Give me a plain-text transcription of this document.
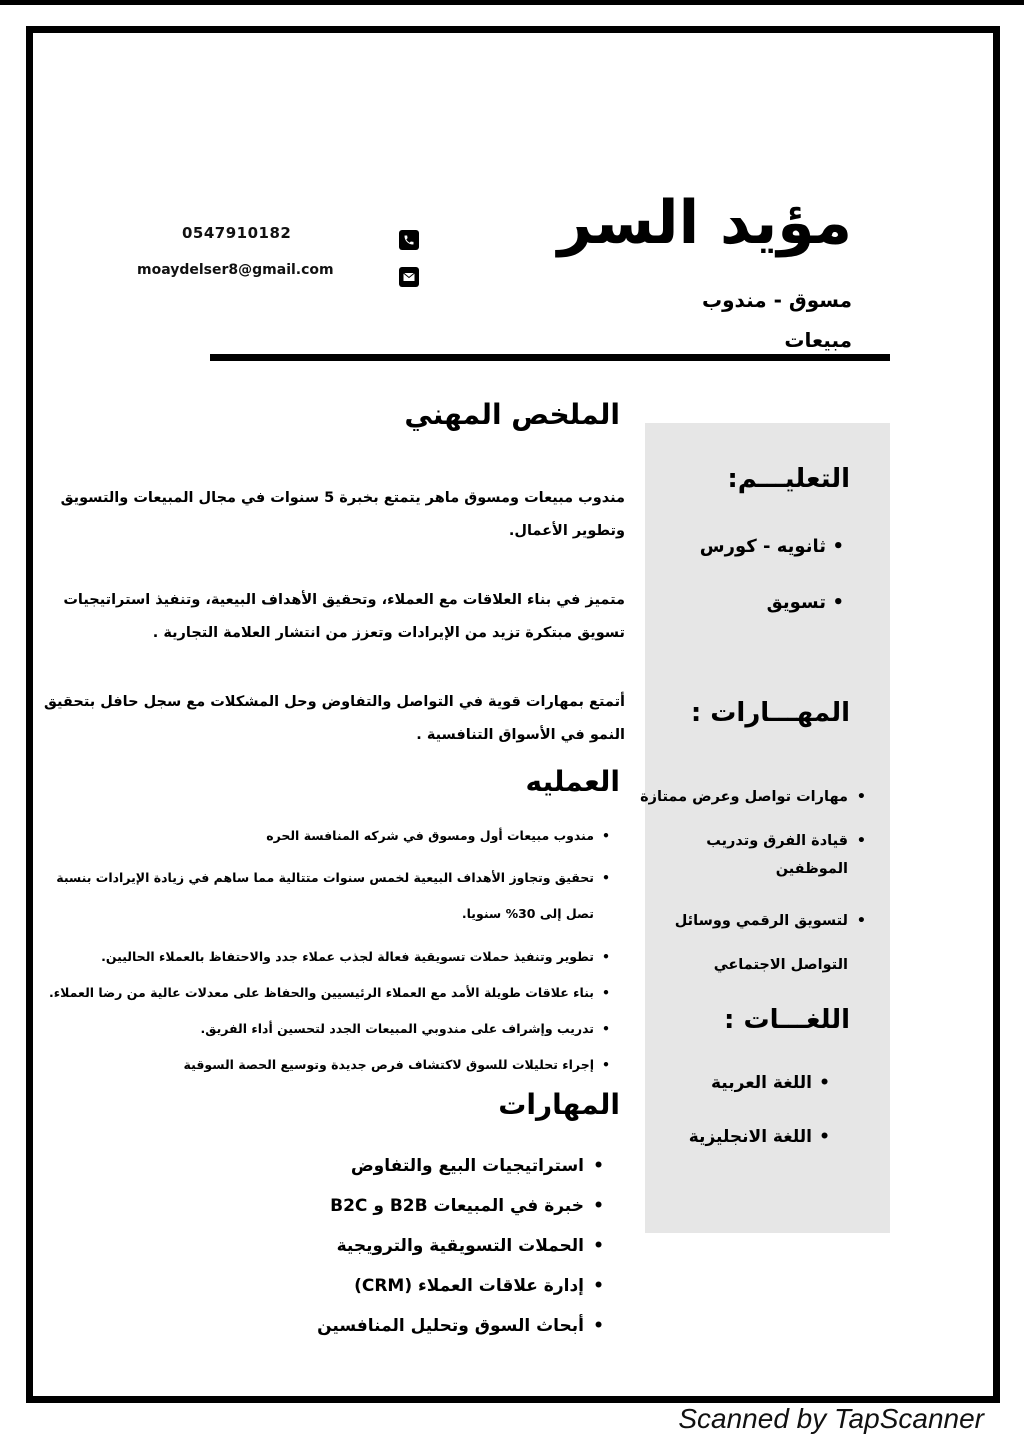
مؤيد السر
مسوق - مندوب
مبيعات
0547910182
moaydelser8@gmail.com
التعليـــم:
• ثانويه - كورس
• تسويق
المهـــارات :
• مهارات تواصل وعرض ممتازة
• قيادة الفرق وتدريب الموظفين
• لتسويق الرقمي ووسائل التواصل الاجتماعي
اللغـــات :
• اللغة العربية
• اللغة الانجليزية
الملخص المهني
مندوب مبيعات ومسوق ماهر يتمتع بخبرة 5 سنوات في مجال المبيعات والتسويق وتطوير الأعمال.
متميز في بناء العلاقات مع العملاء، وتحقيق الأهداف البيعية، وتنفيذ استراتيجيات تسويق مبتكرة تزيد من الإيرادات وتعزز من انتشار العلامة التجارية .
أتمتع بمهارات قوية في التواصل والتفاوض وحل المشكلات مع سجل حافل بتحقيق النمو في الأسواق التنافسية .
العمليه
• مندوب مبيعات أول ومسوق في شركه المنافسة الحره
• تحقيق وتجاوز الأهداف البيعية لخمس سنوات متتالية مما ساهم في زيادة الإيرادات بنسبة تصل إلى 30% سنويا.
• تطوير وتنفيذ حملات تسويقية فعالة لجذب عملاء جدد والاحتفاظ بالعملاء الحاليين.
• بناء علاقات طويلة الأمد مع العملاء الرئيسيين والحفاظ على معدلات عالية من رضا العملاء.
• تدريب وإشراف على مندوبي المبيعات الجدد لتحسين أداء الفريق.
• إجراء تحليلات للسوق لاكتشاف فرص جديدة وتوسيع الحصة السوقية
المهارات
• استراتيجيات البيع والتفاوض
• خبرة في المبيعات B2B و B2C
• الحملات التسويقية والترويجية
• إدارة علاقات العملاء (CRM)
• أبحاث السوق وتحليل المنافسين
Scanned by TapScanner
